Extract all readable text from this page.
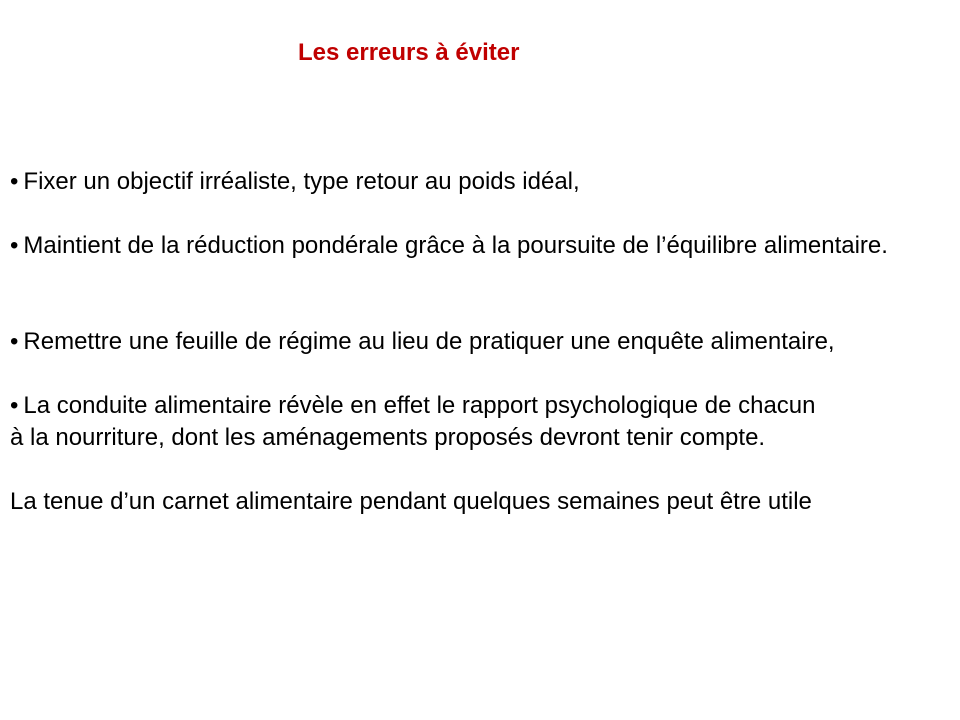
Les erreurs à éviter

• Fixer un objectif irréaliste, type retour au poids idéal,

• Maintient de la réduction pondérale grâce à la poursuite de l’équilibre alimentaire.

• Remettre une feuille de régime au lieu de pratiquer une enquête alimentaire,

• La conduite alimentaire révèle en effet le rapport psychologique de chacun
à la nourriture, dont les aménagements proposés devront tenir compte.

La tenue d’un carnet alimentaire pendant quelques semaines peut être utile
